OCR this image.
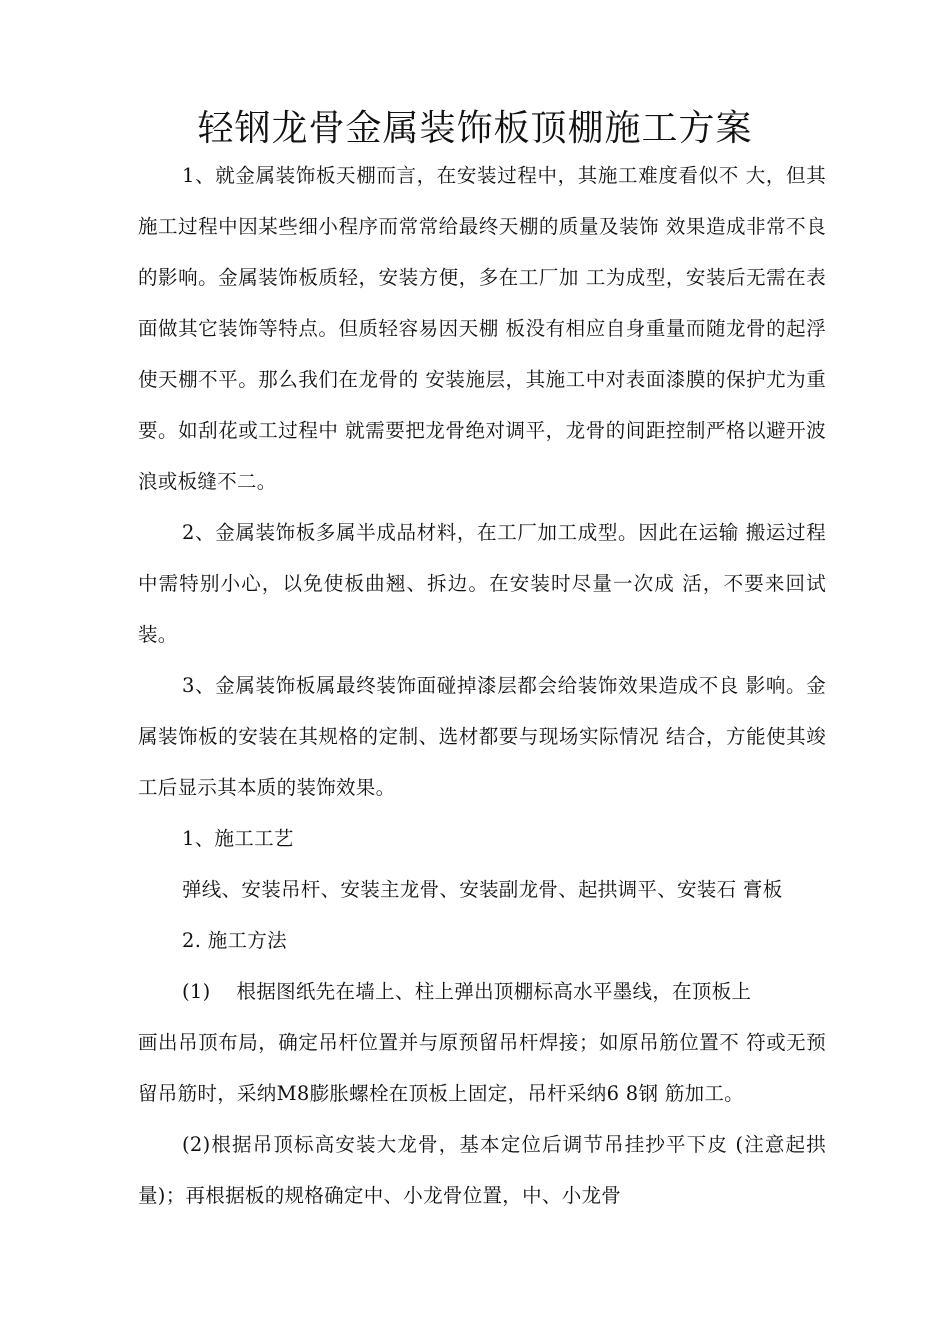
轻钢龙骨金属装饰板顶棚施工方案

1、就金属装饰板天棚而言，在安装过程中，其施工难度看似不 大，但其施工过程中因某些细小程序而常常给最终天棚的质量及装饰 效果造成非常不良的影响。金属装饰板质轻，安装方便，多在工厂加 工为成型，安装后无需在表面做其它装饰等特点。但质轻容易因天棚 板没有相应自身重量而随龙骨的起浮使天棚不平。那么我们在龙骨的 安装施层，其施工中对表面漆膜的保护尤为重要。如刮花或工过程中 就需要把龙骨绝对调平，龙骨的间距控制严格以避开波浪或板缝不二。

2、金属装饰板多属半成品材料，在工厂加工成型。因此在运输 搬运过程中需特别小心，以免使板曲翘、拆边。在安装时尽量一次成 活，不要来回试装。

3、金属装饰板属最终装饰面碰掉漆层都会给装饰效果造成不良 影响。金属装饰板的安装在其规格的定制、选材都要与现场实际情况 结合，方能使其竣工后显示其本质的装饰效果。

1、施工工艺

弹线、安装吊杆、安装主龙骨、安装副龙骨、起拱调平、安装石 膏板

2. 施工方法

(1)    根据图纸先在墙上、柱上弹出顶棚标高水平墨线，在顶板上

画出吊顶布局，确定吊杆位置并与原预留吊杆焊接；如原吊筋位置不 符或无预留吊筋时，采纳M8膨胀螺栓在顶板上固定，吊杆采纳6 8钢 筋加工。

(2)根据吊顶标高安装大龙骨，基本定位后调节吊挂抄平下皮 (注意起拱量)；再根据板的规格确定中、小龙骨位置，中、小龙骨
